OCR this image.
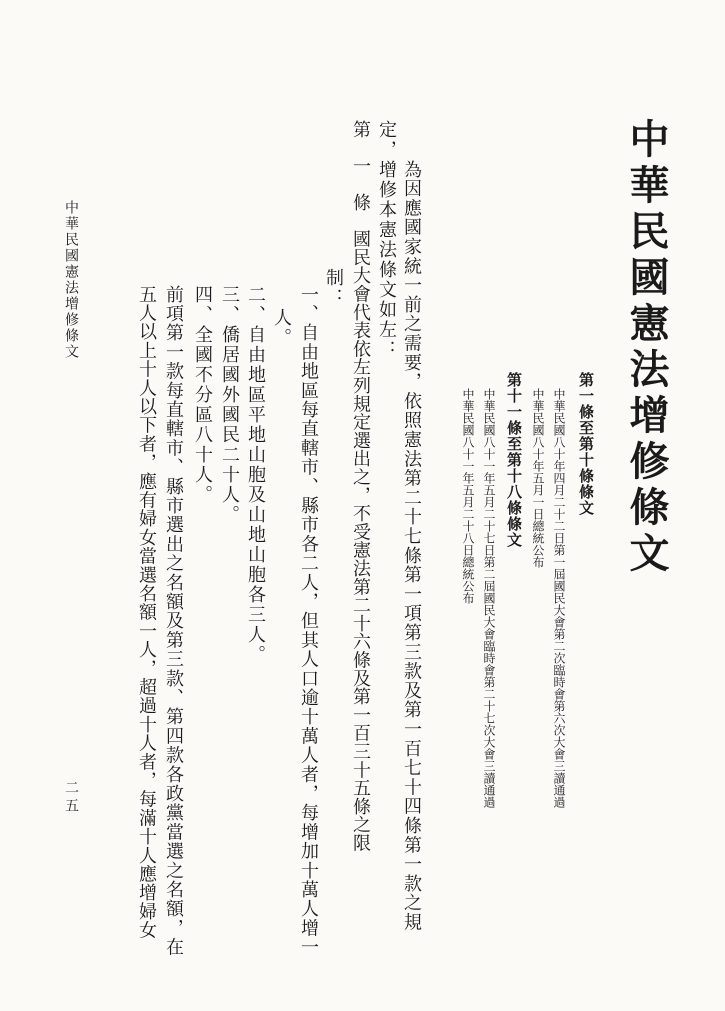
中華民國憲法增修條文
第一條至第十條條文
中華民國八十年四月二十二日第一屆國民大會第二次臨時會第六次大會三讀通過
中華民國八十年五月一日總統公布
第十一條至第十八條條文
中華民國八十一年五月二十七日第二屆國民大會臨時會第二十七次大會三讀通過
中華民國八十一年五月二十八日總統公布
為因應國家統一前之需要，依照憲法第二十七條第一項第三款及第一百七十四條第一款之規
定，增修本憲法條文如左：
第　一　條　國民大會代表依左列規定選出之，不受憲法第二十六條及第一百三十五條之限
制：
一、自由地區每直轄市、縣市各二人，但其人口逾十萬人者，每增加十萬人增一
人。
二、自由地區平地山胞及山地山胞各三人。
三、僑居國外國民二十人。
四、全國不分區八十人。
前項第一款每直轄市、縣市選出之名額及第三款、第四款各政黨當選之名額，在
五人以上十人以下者，應有婦女當選名額一人，超過十人者，每滿十人應增婦女
中華民國憲法增修條文
二五
